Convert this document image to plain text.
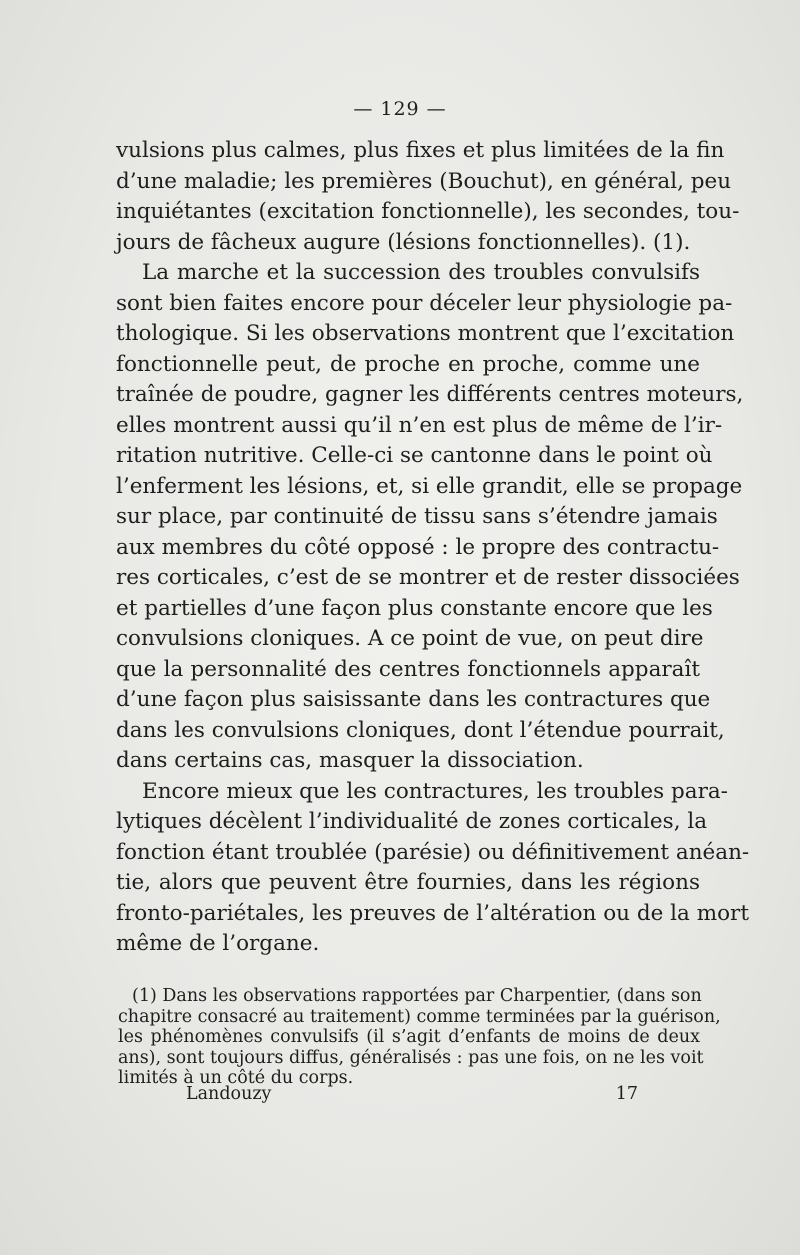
— 129 —

vulsions plus calmes, plus fixes et plus limitées de la fin
d’une maladie; les premières (Bouchut), en général, peu
inquiétantes (excitation fonctionnelle), les secondes, tou-
jours de fâcheux augure (lésions fonctionnelles). (1).

La marche et la succession des troubles convulsifs
sont bien faites encore pour déceler leur physiologie pa-
thologique. Si les observations montrent que l’excitation
fonctionnelle peut, de proche en proche, comme une
traînée de poudre, gagner les différents centres moteurs,
elles montrent aussi qu’il n’en est plus de même de l’ir-
ritation nutritive. Celle-ci se cantonne dans le point où
l’enferment les lésions, et, si elle grandit, elle se propage
sur place, par continuité de tissu sans s’étendre jamais
aux membres du côté opposé : le propre des contractu-
res corticales, c’est de se montrer et de rester dissociées
et partielles d’une façon plus constante encore que les
convulsions cloniques. A ce point de vue, on peut dire
que la personnalité des centres fonctionnels apparaît
d’une façon plus saisissante dans les contractures que
dans les convulsions cloniques, dont l’étendue pourrait,
dans certains cas, masquer la dissociation.

Encore mieux que les contractures, les troubles para-
lytiques décèlent l’individualité de zones corticales, la
fonction étant troublée (parésie) ou définitivement anéan-
tie, alors que peuvent être fournies, dans les régions
fronto-pariétales, les preuves de l’altération ou de la mort
même de l’organe.

(1) Dans les observations rapportées par Charpentier, (dans son
chapitre consacré au traitement) comme terminées par la guérison,
les phénomènes convulsifs (il s’agit d’enfants de moins de deux
ans), sont toujours diffus, généralisés : pas une fois, on ne les voit
limités à un côté du corps.
Landouzy	17
